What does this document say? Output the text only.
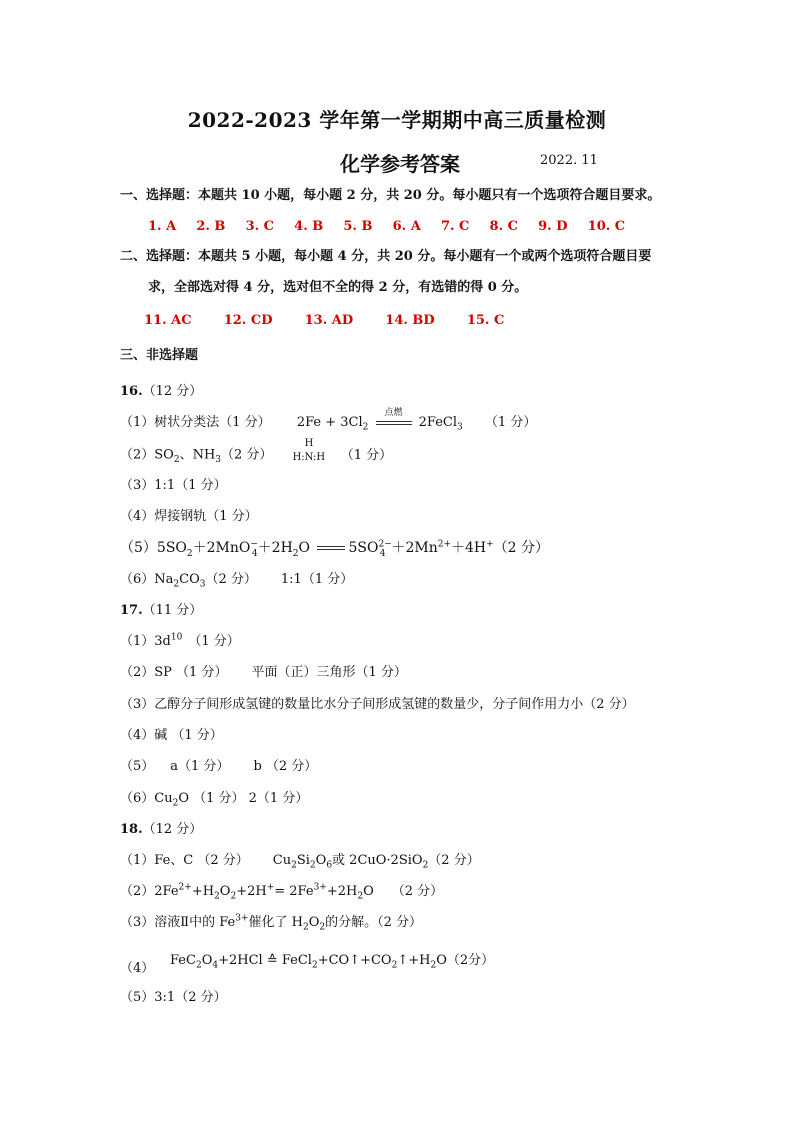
2022-2023 学年第一学期期中高三质量检测
化学参考答案	2022. 11
一、选择题：本题共 10 小题，每小题 2 分，共 20 分。每小题只有一个选项符合题目要求。
1. A 2. B 3. C 4. B 5. B 6. A 7. C 8. C 9. D 10. C
二、选择题：本题共 5 小题，每小题 4 分，共 20 分。每小题有一个或两个选项符合题目要
求，全部选对得 4 分，选对但不全的得 2 分，有选错的得 0 分。
11. AC 12. CD 13. AD 14. BD 15. C
三、非选择题
16.（12 分）
（1）树状分类法（1 分） $2Fe + 3Cl_2$
点燃
2FeCl$_3$ （1 分）
$(2)SO_2$、$NH_3(2$ 分）
H
H:N:H （1 分）
（3）1:1（1 分）
（4）焊接钢轨（1 分）
$(5)5SO_2+2MnO^-_4+2H_2O$	$5SO^{2-}_4 +2Mn^{2+}+4H^+(2$ 分）
$(6)Na_2CO_3(2$ 分） 1:1（1 分）
17.（11 分）
$(1)3d^{10}$ （1 分）
（2）SP （1 分） 平面（正）三角形（1 分）
（3）乙醇分子间形成氢键的数量比水分子间形成氢键的数量少，分子间作用力小（2 分）
（4）碱 （1 分）
（5） a（1 分） b （2 分）
$(6)Cu_2O$ （1 分） 2（1 分）
18.（12 分）
（1）Fe、C （2 分） $Cu_2Si_2O_6$或 2CuO·2SiO$_2$（2 分）
$(2)2Fe^{2+}+H_2O_2+2H^+= 2Fe^{3+}+2H_2O$ （2 分）
（3）溶液Ⅱ中的 $Fe^{3+}$催化了 $H_2O_2$的分解。（2 分）
（4）
$FeC_2O_4+2HCl$ ≙ $FeCl_2+CO↑+CO_2↑+H_2O(2$分）
（5）3:1（2 分）
